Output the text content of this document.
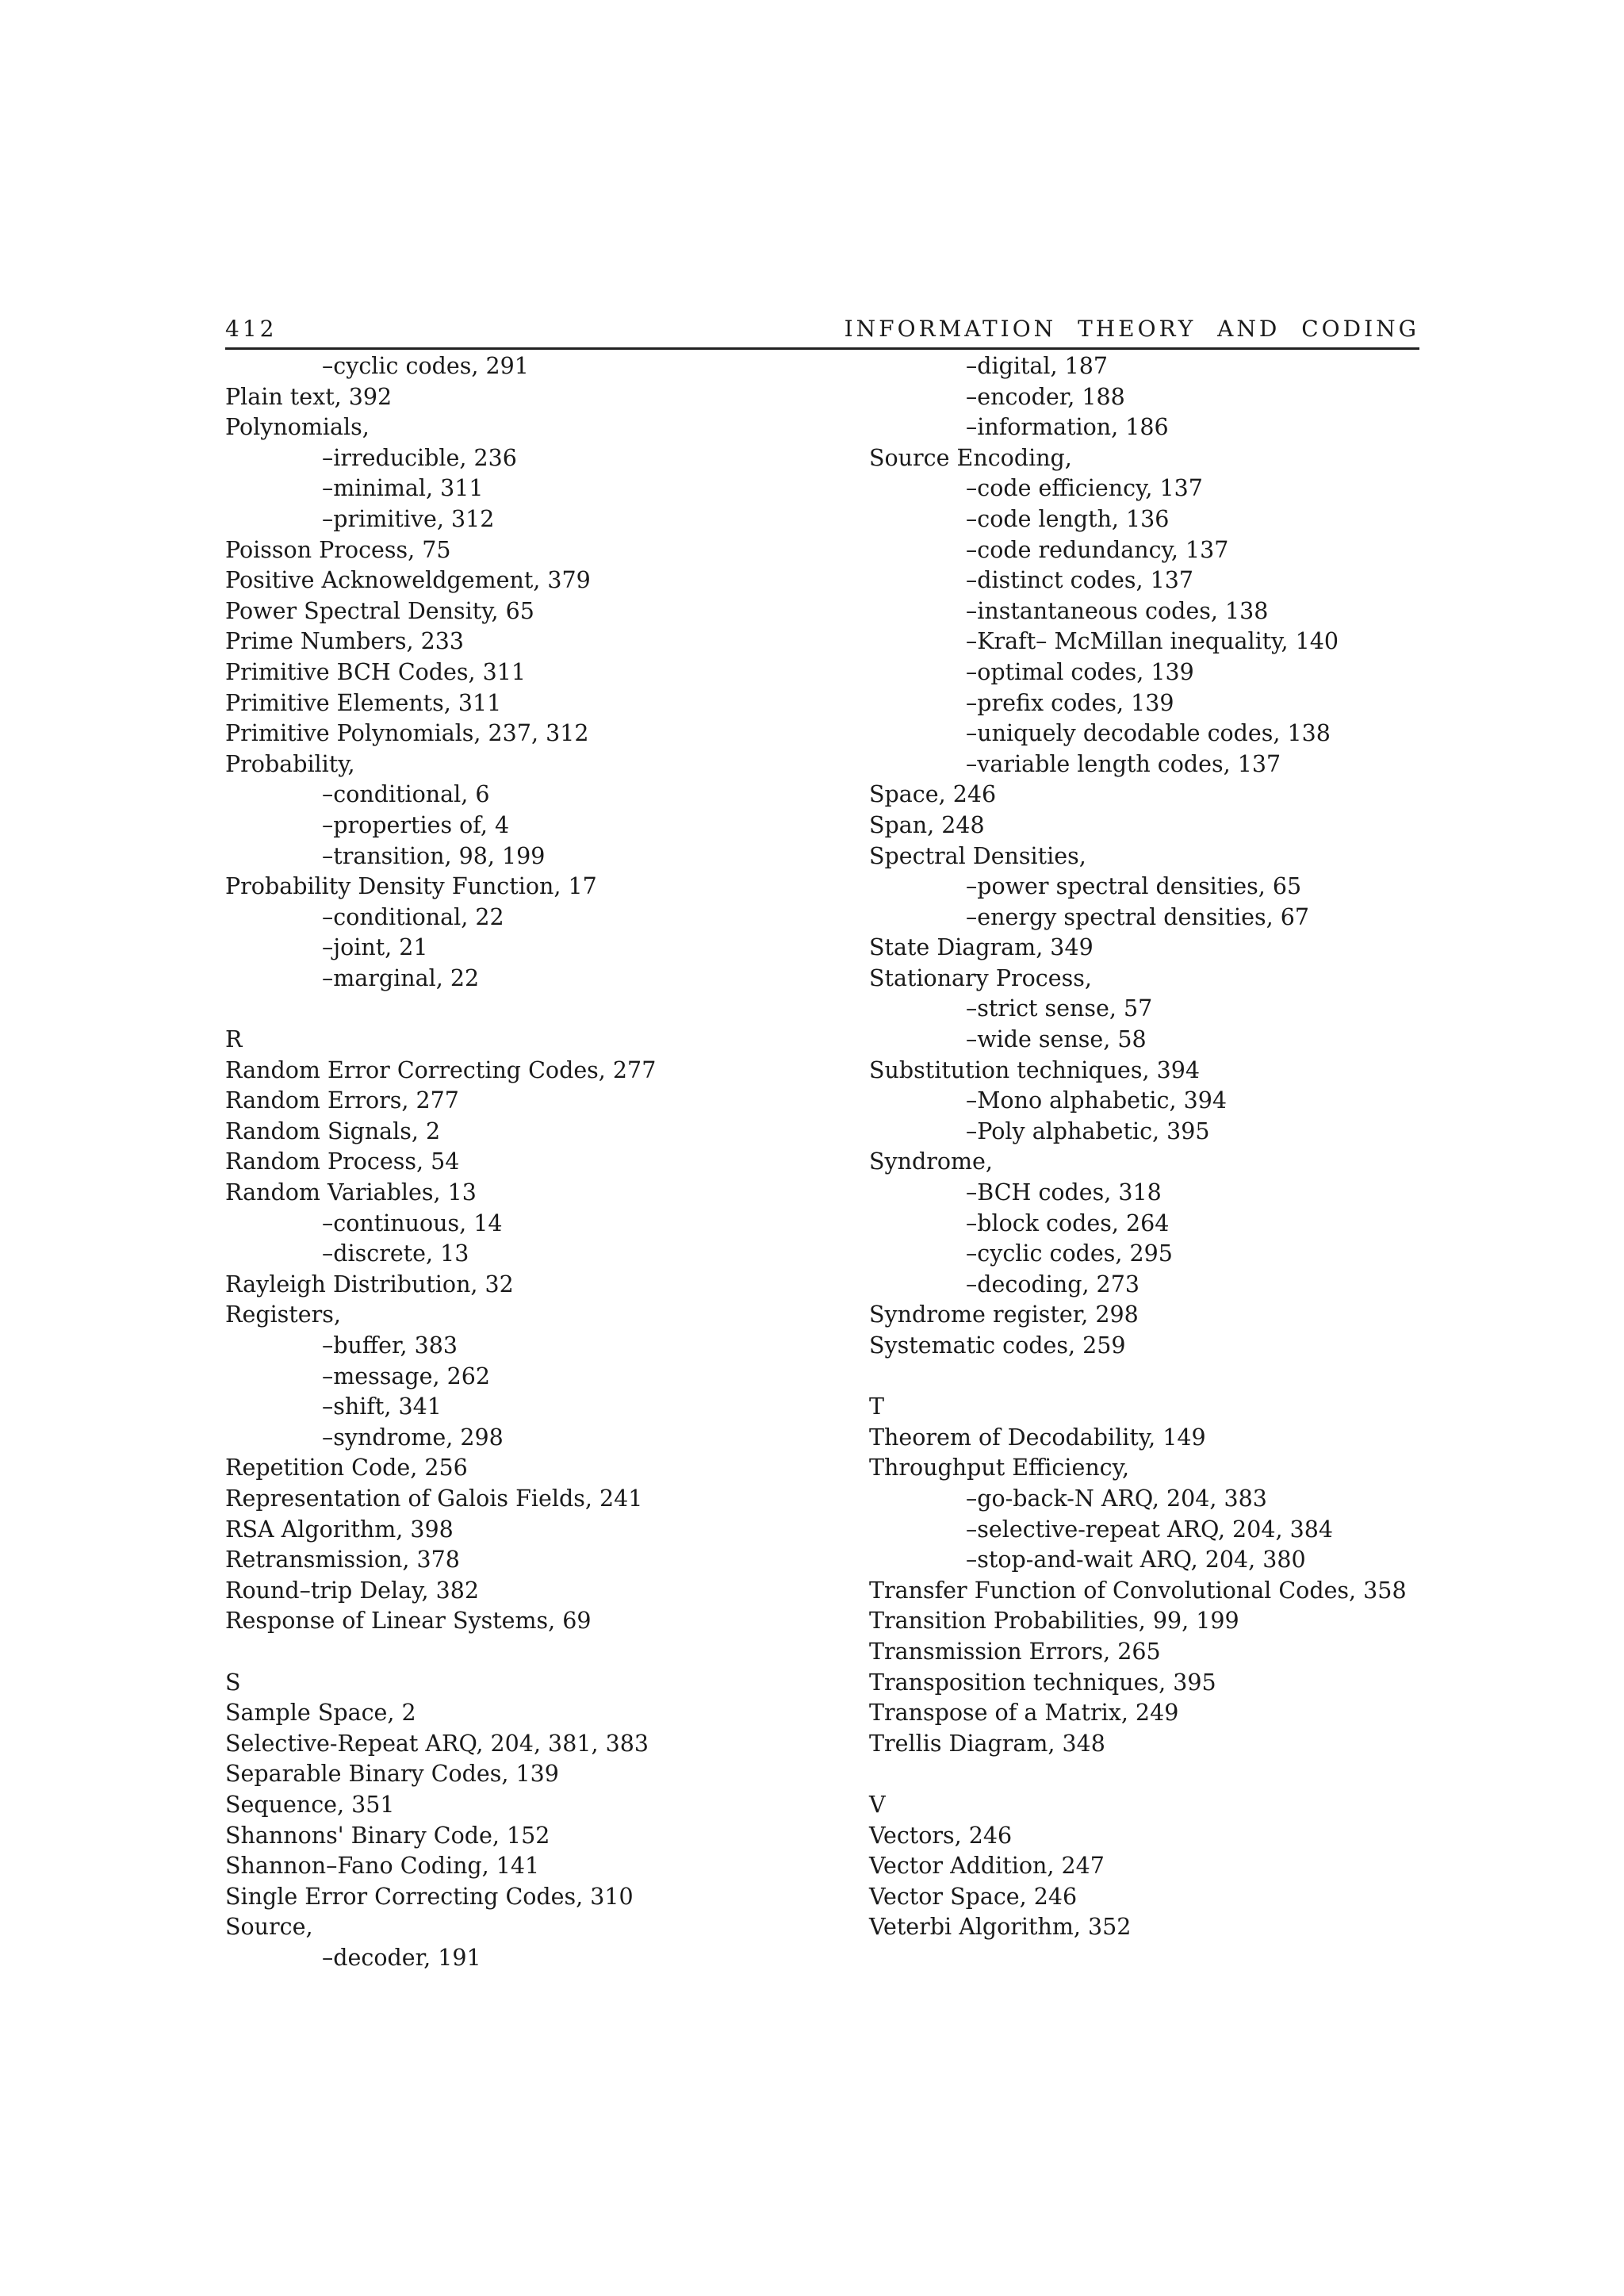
412	INFORMATION THEORY AND CODING
–cyclic codes, 291
Plain text, 392
Polynomials,
–irreducible, 236
–minimal, 311
–primitive, 312
Poisson Process, 75
Positive Acknoweldgement, 379
Power Spectral Density, 65
Prime Numbers, 233
Primitive BCH Codes, 311
Primitive Elements, 311
Primitive Polynomials, 237, 312
Probability,
–conditional, 6
–properties of, 4
–transition, 98, 199
Probability Density Function, 17
–conditional, 22
–joint, 21
–marginal, 22
R
Random Error Correcting Codes, 277
Random Errors, 277
Random Signals, 2
Random Process, 54
Random Variables, 13
–continuous, 14
–discrete, 13
Rayleigh Distribution, 32
Registers,
–buffer, 383
–message, 262
–shift, 341
–syndrome, 298
Repetition Code, 256
Representation of Galois Fields, 241
RSA Algorithm, 398
Retransmission, 378
Round–trip Delay, 382
Response of Linear Systems, 69
S
Sample Space, 2
Selective-Repeat ARQ, 204, 381, 383
Separable Binary Codes, 139
Sequence, 351
Shannons' Binary Code, 152
Shannon–Fano Coding, 141
Single Error Correcting Codes, 310
Source,
–decoder, 191
–digital, 187
–encoder, 188
–information, 186
Source Encoding,
–code efficiency, 137
–code length, 136
–code redundancy, 137
–distinct codes, 137
–instantaneous codes, 138
–Kraft– McMillan inequality, 140
–optimal codes, 139
–prefix codes, 139
–uniquely decodable codes, 138
–variable length codes, 137
Space, 246
Span, 248
Spectral Densities,
–power spectral densities, 65
–energy spectral densities, 67
State Diagram, 349
Stationary Process,
–strict sense, 57
–wide sense, 58
Substitution techniques, 394
–Mono alphabetic, 394
–Poly alphabetic, 395
Syndrome,
–BCH codes, 318
–block codes, 264
–cyclic codes, 295
–decoding, 273
Syndrome register, 298
Systematic codes, 259
T
Theorem of Decodability, 149
Throughput Efficiency,
–go-back-N ARQ, 204, 383
–selective-repeat ARQ, 204, 384
–stop-and-wait ARQ, 204, 380
Transfer Function of Convolutional Codes, 358
Transition Probabilities, 99, 199
Transmission Errors, 265
Transposition techniques, 395
Transpose of a Matrix, 249
Trellis Diagram, 348
V
Vectors, 246
Vector Addition, 247
Vector Space, 246
Veterbi Algorithm, 352
